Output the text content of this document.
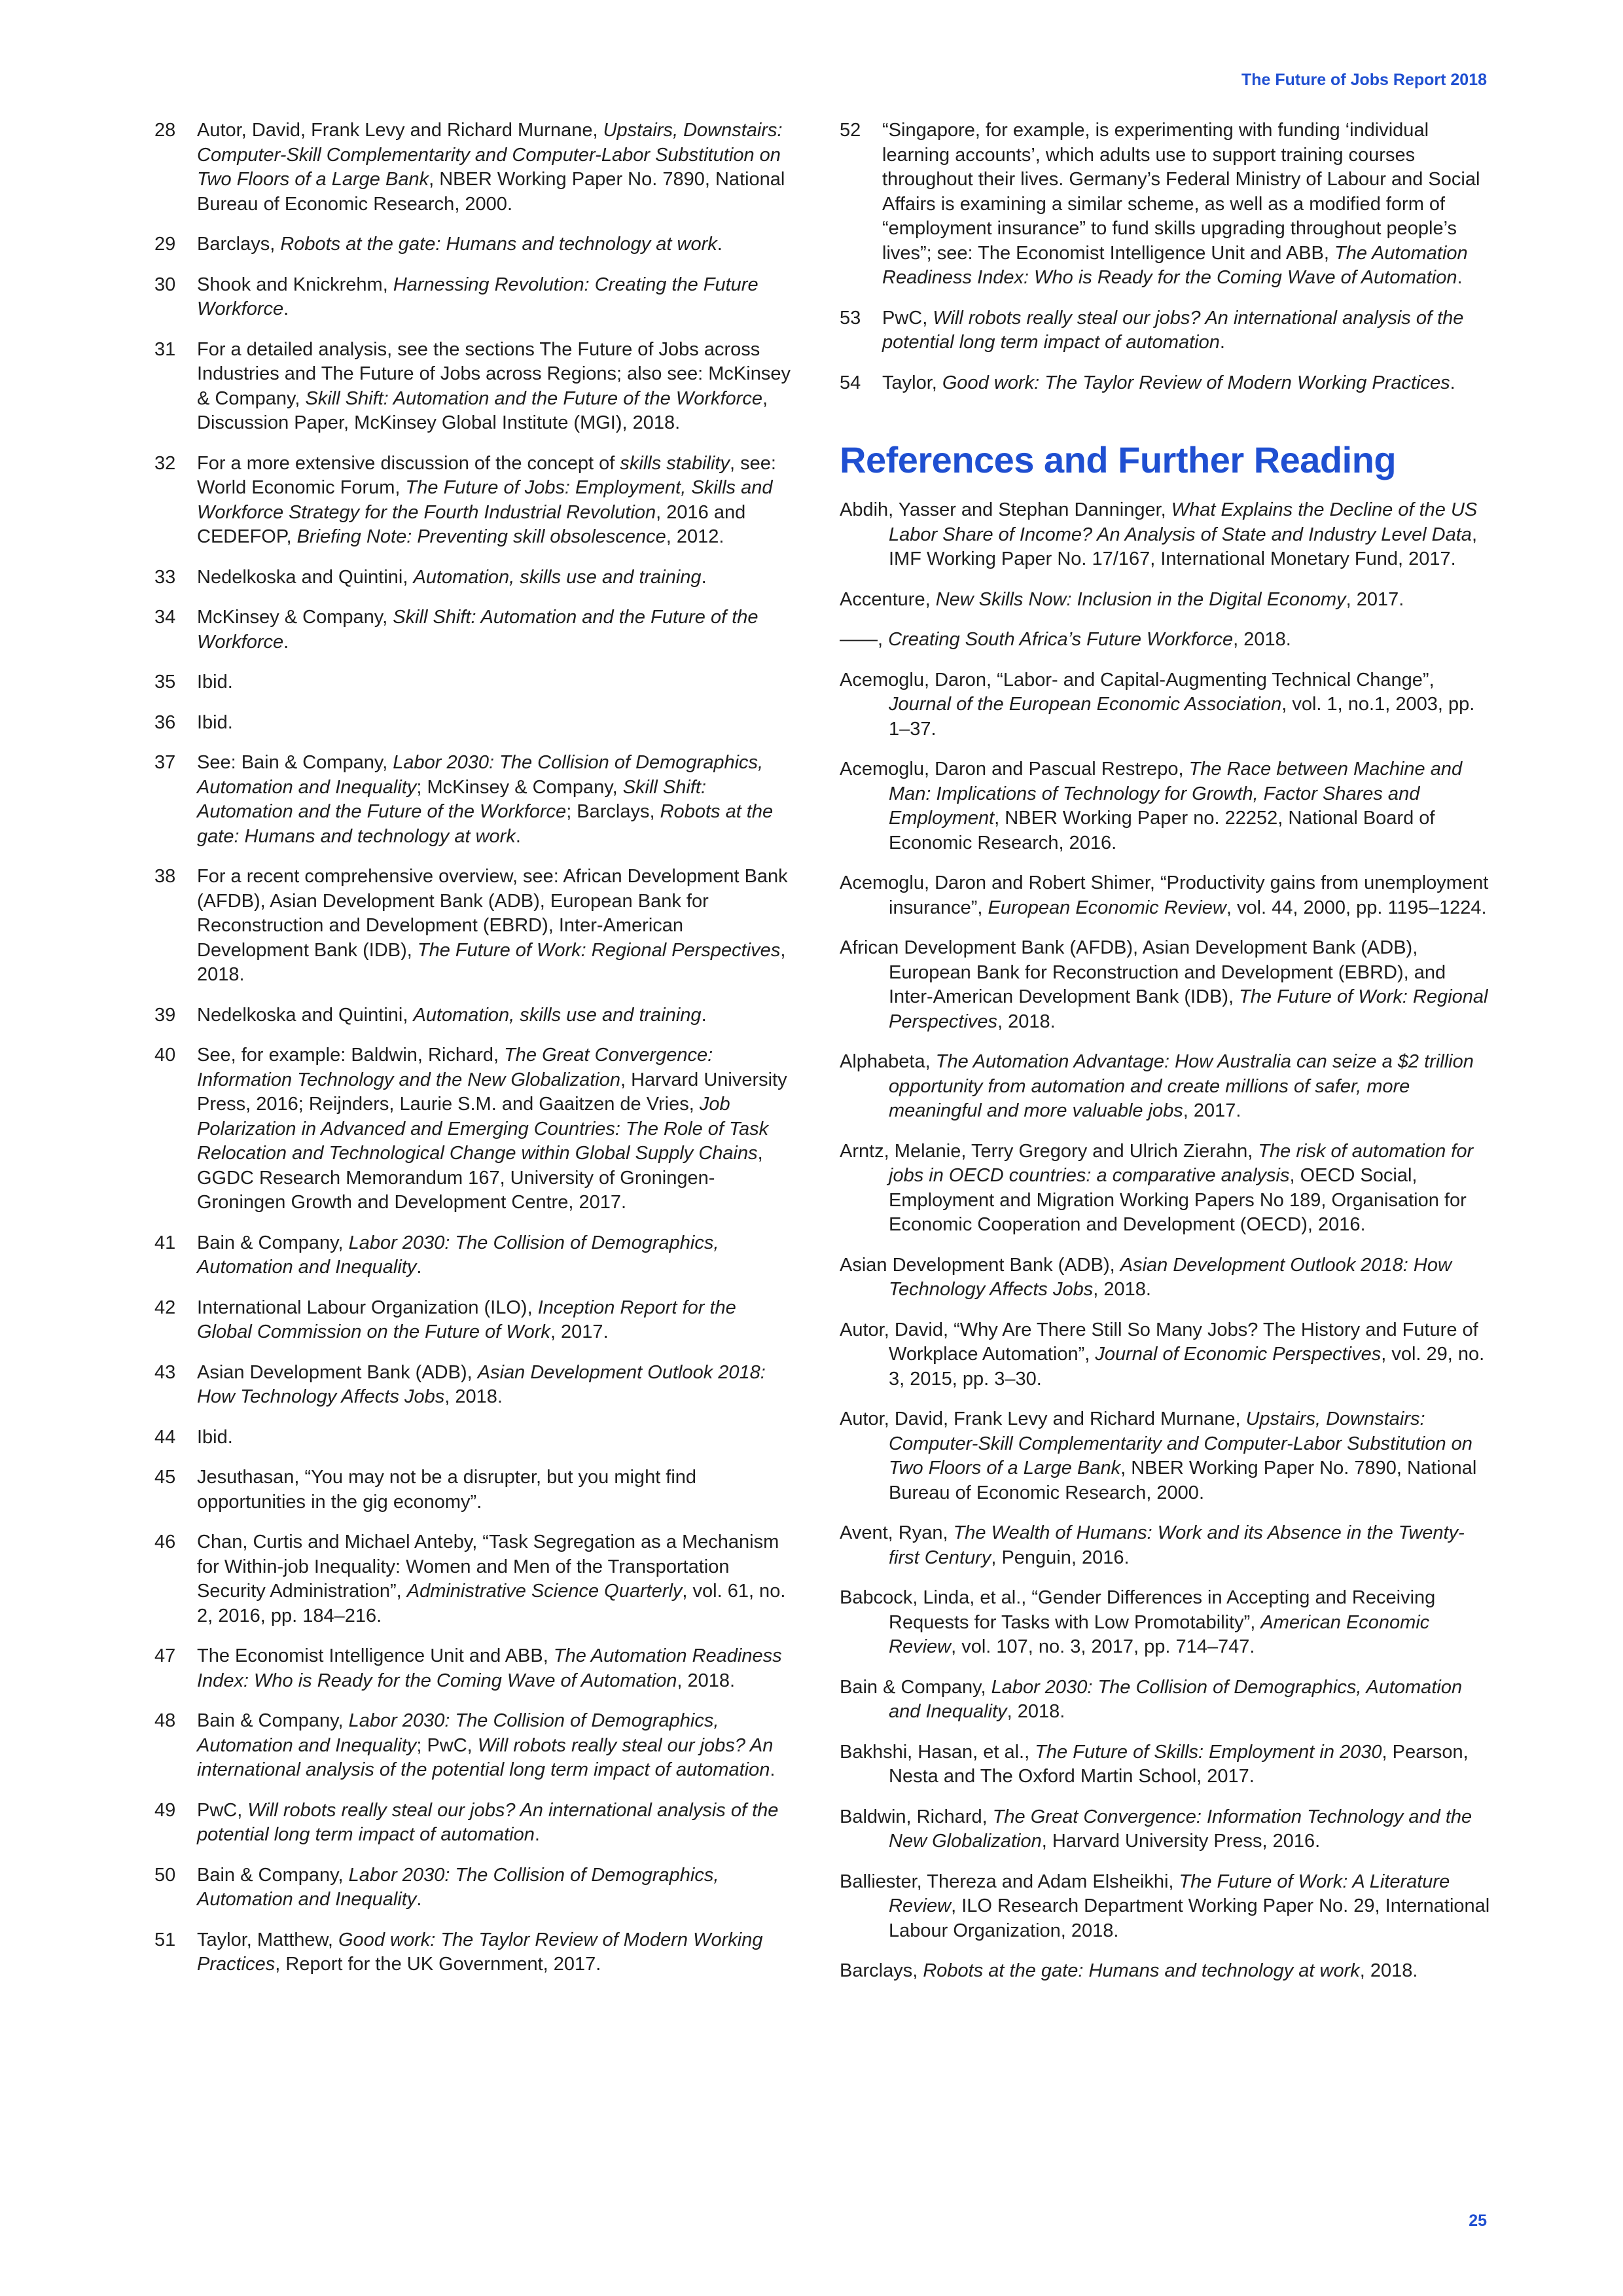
The Future of Jobs Report 2018
28	Autor, David, Frank Levy and Richard Murnane, Upstairs, Downstairs: Computer-Skill Complementarity and Computer-Labor Substitution on Two Floors of a Large Bank, NBER Working Paper No. 7890, National Bureau of Economic Research, 2000.
29	Barclays, Robots at the gate: Humans and technology at work.
30	Shook and Knickrehm, Harnessing Revolution: Creating the Future Workforce.
31	For a detailed analysis, see the sections The Future of Jobs across Industries and The Future of Jobs across Regions; also see: McKinsey & Company, Skill Shift: Automation and the Future of the Workforce, Discussion Paper, McKinsey Global Institute (MGI), 2018.
32	For a more extensive discussion of the concept of skills stability, see: World Economic Forum, The Future of Jobs: Employment, Skills and Workforce Strategy for the Fourth Industrial Revolution, 2016 and CEDEFOP, Briefing Note: Preventing skill obsolescence, 2012.
33	Nedelkoska and Quintini, Automation, skills use and training.
34	McKinsey & Company, Skill Shift: Automation and the Future of the Workforce.
35	Ibid.
36	Ibid.
37	See: Bain & Company, Labor 2030: The Collision of Demographics, Automation and Inequality; McKinsey & Company, Skill Shift: Automation and the Future of the Workforce; Barclays, Robots at the gate: Humans and technology at work.
38	For a recent comprehensive overview, see: African Development Bank (AFDB), Asian Development Bank (ADB), European Bank for Reconstruction and Development (EBRD), Inter-American Development Bank (IDB), The Future of Work: Regional Perspectives, 2018.
39	Nedelkoska and Quintini, Automation, skills use and training.
40	See, for example: Baldwin, Richard, The Great Convergence: Information Technology and the New Globalization, Harvard University Press, 2016; Reijnders, Laurie S.M. and Gaaitzen de Vries, Job Polarization in Advanced and Emerging Countries: The Role of Task Relocation and Technological Change within Global Supply Chains, GGDC Research Memorandum 167, University of Groningen-Groningen Growth and Development Centre, 2017.
41	Bain & Company, Labor 2030: The Collision of Demographics, Automation and Inequality.
42	International Labour Organization (ILO), Inception Report for the Global Commission on the Future of Work, 2017.
43	Asian Development Bank (ADB), Asian Development Outlook 2018: How Technology Affects Jobs, 2018.
44	Ibid.
45	Jesuthasan, “You may not be a disrupter, but you might find opportunities in the gig economy”.
46	Chan, Curtis and Michael Anteby, “Task Segregation as a Mechanism for Within-job Inequality: Women and Men of the Transportation Security Administration”, Administrative Science Quarterly, vol. 61, no. 2, 2016, pp. 184–216.
47	The Economist Intelligence Unit and ABB, The Automation Readiness Index: Who is Ready for the Coming Wave of Automation, 2018.
48	Bain & Company, Labor 2030: The Collision of Demographics, Automation and Inequality; PwC, Will robots really steal our jobs? An international analysis of the potential long term impact of automation.
49	PwC, Will robots really steal our jobs? An international analysis of the potential long term impact of automation.
50	Bain & Company, Labor 2030: The Collision of Demographics, Automation and Inequality.
51	Taylor, Matthew, Good work: The Taylor Review of Modern Working Practices, Report for the UK Government, 2017.
52	“Singapore, for example, is experimenting with funding ‘individual learning accounts’, which adults use to support training courses throughout their lives. Germany’s Federal Ministry of Labour and Social Affairs is examining a similar scheme, as well as a modified form of “employment insurance” to fund skills upgrading throughout people’s lives”; see: The Economist Intelligence Unit and ABB, The Automation Readiness Index: Who is Ready for the Coming Wave of Automation.
53	PwC, Will robots really steal our jobs? An international analysis of the potential long term impact of automation.
54	Taylor, Good work: The Taylor Review of Modern Working Practices.
References and Further Reading
Abdih, Yasser and Stephan Danninger, What Explains the Decline of the US Labor Share of Income? An Analysis of State and Industry Level Data, IMF Working Paper No. 17/167, International Monetary Fund, 2017.
Accenture, New Skills Now: Inclusion in the Digital Economy, 2017.
——, Creating South Africa’s Future Workforce, 2018.
Acemoglu, Daron, “Labor- and Capital-Augmenting Technical Change”, Journal of the European Economic Association, vol. 1, no.1, 2003, pp. 1–37.
Acemoglu, Daron and Pascual Restrepo, The Race between Machine and Man: Implications of Technology for Growth, Factor Shares and Employment, NBER Working Paper no. 22252, National Board of Economic Research, 2016.
Acemoglu, Daron and Robert Shimer, “Productivity gains from unemployment insurance”, European Economic Review, vol. 44, 2000, pp. 1195–1224.
African Development Bank (AFDB), Asian Development Bank (ADB), European Bank for Reconstruction and Development (EBRD), and Inter-American Development Bank (IDB), The Future of Work: Regional Perspectives, 2018.
Alphabeta, The Automation Advantage: How Australia can seize a $2 trillion opportunity from automation and create millions of safer, more meaningful and more valuable jobs, 2017.
Arntz, Melanie, Terry Gregory and Ulrich Zierahn, The risk of automation for jobs in OECD countries: a comparative analysis, OECD Social, Employment and Migration Working Papers No 189, Organisation for Economic Cooperation and Development (OECD), 2016.
Asian Development Bank (ADB), Asian Development Outlook 2018: How Technology Affects Jobs, 2018.
Autor, David, “Why Are There Still So Many Jobs? The History and Future of Workplace Automation”, Journal of Economic Perspectives, vol. 29, no. 3, 2015, pp. 3–30.
Autor, David, Frank Levy and Richard Murnane, Upstairs, Downstairs: Computer-Skill Complementarity and Computer-Labor Substitution on Two Floors of a Large Bank, NBER Working Paper No. 7890, National Bureau of Economic Research, 2000.
Avent, Ryan, The Wealth of Humans: Work and its Absence in the Twenty-first Century, Penguin, 2016.
Babcock, Linda, et al., “Gender Differences in Accepting and Receiving Requests for Tasks with Low Promotability”, American Economic Review, vol. 107, no. 3, 2017, pp. 714–747.
Bain & Company, Labor 2030: The Collision of Demographics, Automation and Inequality, 2018.
Bakhshi, Hasan, et al., The Future of Skills: Employment in 2030, Pearson, Nesta and The Oxford Martin School, 2017.
Baldwin, Richard, The Great Convergence: Information Technology and the New Globalization, Harvard University Press, 2016.
Balliester, Thereza and Adam Elsheikhi, The Future of Work: A Literature Review, ILO Research Department Working Paper No. 29, International Labour Organization, 2018.
Barclays, Robots at the gate: Humans and technology at work, 2018.
25
